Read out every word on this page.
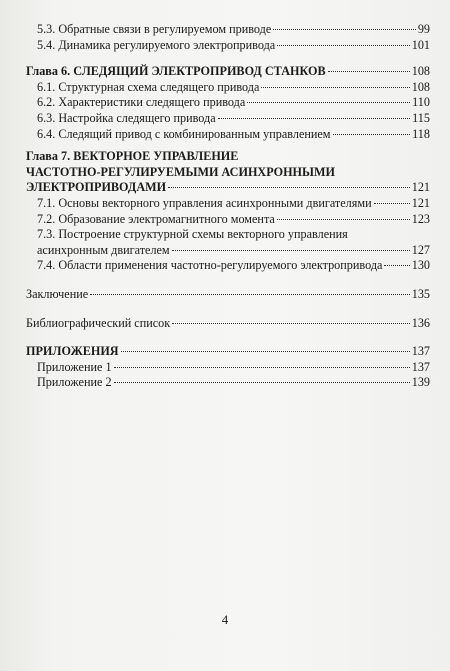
5.3. Обратные связи в регулируемом приводе	99
5.4. Динамика регулируемого электропривода	101
Глава 6. СЛЕДЯЩИЙ ЭЛЕКТРОПРИВОД СТАНКОВ	108
6.1. Структурная схема следящего привода	108
6.2. Характеристики следящего привода	110
6.3. Настройка следящего привода	115
6.4. Следящий привод с комбинированным управлением	118
Глава 7. ВЕКТОРНОЕ УПРАВЛЕНИЕ
ЧАСТОТНО-РЕГУЛИРУЕМЫМИ АСИНХРОННЫМИ
ЭЛЕКТРОПРИВОДАМИ	121
7.1. Основы векторного управления асинхронными двигателями	121
7.2. Образование электромагнитного момента	123
7.3. Построение структурной схемы векторного управления
асинхронным двигателем	127
7.4. Области применения частотно-регулируемого электропривода 130
Заключение	135
Библиографический список	136
ПРИЛОЖЕНИЯ	137
Приложение 1	137
Приложение 2	139
4
